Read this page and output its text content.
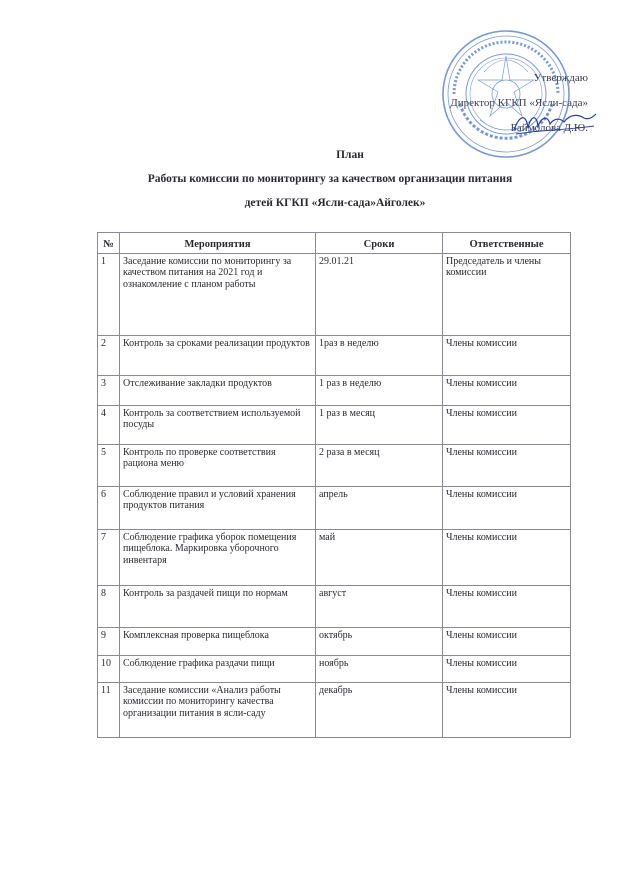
Утверждаю
Директор КГКП «Ясли-сада»
Баймолова Д.Ю.
План
Работы комиссии по мониторингу за качеством организации питания
детей КГКП «Ясли-сада»Айголек»
№	Мероприятия	Сроки	Ответственные
1	Заседание комиссии по мониторингу за качеством питания на 2021 год и ознакомление с планом работы	29.01.21	Председатель и члены комиссии
2	Контроль за сроками реализации продуктов	1раз в неделю	Члены комиссии
3	Отслеживание закладки продуктов	1 раз в неделю	Члены комиссии
4	Контроль за соответствием используемой посуды	1 раз в месяц	Члены комиссии
5	Контроль по проверке соответствия рациона меню	2 раза в месяц	Члены комиссии
6	Соблюдение правил и условий хранения продуктов питания	апрель	Члены комиссии
7	Соблюдение графика уборок помещения пищеблока. Маркировка уборочного инвентаря	май	Члены комиссии
8	Контроль за раздачей пищи по нормам	август	Члены комиссии
9	Комплексная проверка пищеблока	октябрь	Члены комиссии
10	Соблюдение графика раздачи пищи	ноябрь	Члены комиссии
11	Заседание комиссии «Анализ работы комиссии по мониторингу качества организации питания в ясли-саду	декабрь	Члены комиссии
